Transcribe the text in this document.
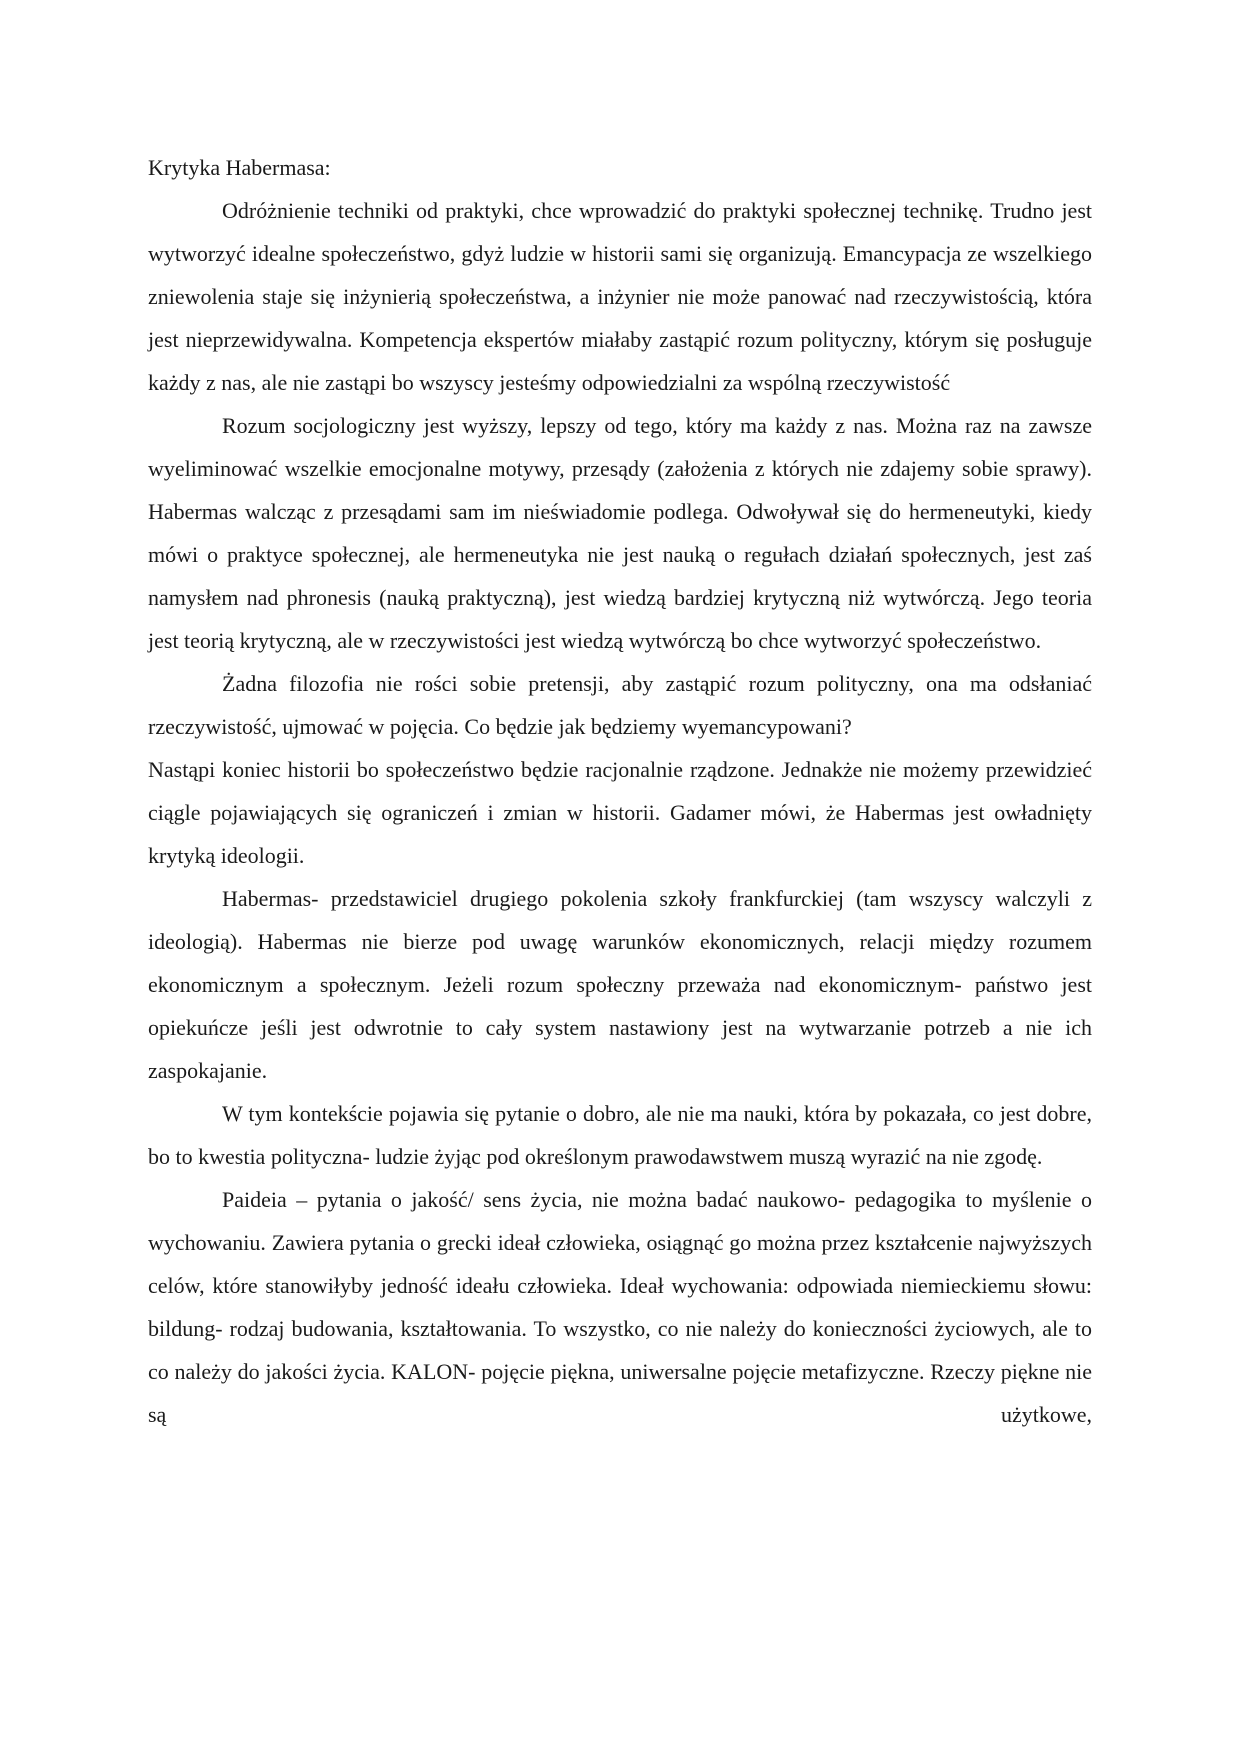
Krytyka Habermasa:

Odróżnienie techniki od praktyki, chce wprowadzić do praktyki społecznej technikę. Trudno jest wytworzyć idealne społeczeństwo, gdyż ludzie w historii sami się organizują. Emancypacja ze wszelkiego zniewolenia staje się inżynierią społeczeństwa, a inżynier nie może panować nad rzeczywistością, która jest nieprzewidywalna. Kompetencja ekspertów miałaby zastąpić rozum polityczny, którym się posługuje każdy z nas, ale nie zastąpi bo wszyscy jesteśmy odpowiedzialni za wspólną rzeczywistość

Rozum socjologiczny jest wyższy, lepszy od tego, który ma każdy z nas. Można raz na zawsze wyeliminować wszelkie emocjonalne motywy, przesądy (założenia z których nie zdajemy sobie sprawy). Habermas walcząc z przesądami sam im nieświadomie podlega. Odwoływał się do hermeneutyki, kiedy mówi o praktyce społecznej, ale hermeneutyka nie jest nauką o regułach działań społecznych, jest zaś namysłem nad phronesis (nauką praktyczną), jest wiedzą bardziej krytyczną niż wytwórczą. Jego teoria jest teorią krytyczną, ale w rzeczywistości jest wiedzą wytwórczą bo chce wytworzyć społeczeństwo.

Żadna filozofia nie rości sobie pretensji, aby zastąpić rozum polityczny, ona ma odsłaniać rzeczywistość, ujmować w pojęcia. Co będzie jak będziemy wyemancypowani?

Nastąpi koniec historii bo społeczeństwo będzie racjonalnie rządzone. Jednakże nie możemy przewidzieć ciągle pojawiających się ograniczeń i zmian w historii. Gadamer mówi, że Habermas jest owładnięty krytyką ideologii.

Habermas- przedstawiciel drugiego pokolenia szkoły frankfurckiej (tam wszyscy walczyli z ideologią). Habermas nie bierze pod uwagę warunków ekonomicznych, relacji między rozumem ekonomicznym a społecznym. Jeżeli rozum społeczny przeważa nad ekonomicznym- państwo jest opiekuńcze jeśli jest odwrotnie to cały system nastawiony jest na wytwarzanie potrzeb a nie ich zaspokajanie.

W tym kontekście pojawia się pytanie o dobro, ale nie ma nauki, która by pokazała, co jest dobre, bo to kwestia polityczna- ludzie żyjąc pod określonym prawodawstwem muszą wyrazić na nie zgodę.

Paideia – pytania o jakość/ sens życia, nie można badać naukowo- pedagogika to myślenie o wychowaniu. Zawiera pytania o grecki ideał człowieka, osiągnąć go można przez kształcenie najwyższych celów, które stanowiłyby jedność ideału człowieka. Ideał wychowania: odpowiada niemieckiemu słowu: bildung- rodzaj budowania, kształtowania. To wszystko, co nie należy do konieczności życiowych, ale to co należy do jakości życia. KALON- pojęcie piękna, uniwersalne pojęcie metafizyczne. Rzeczy piękne nie są użytkowe,
